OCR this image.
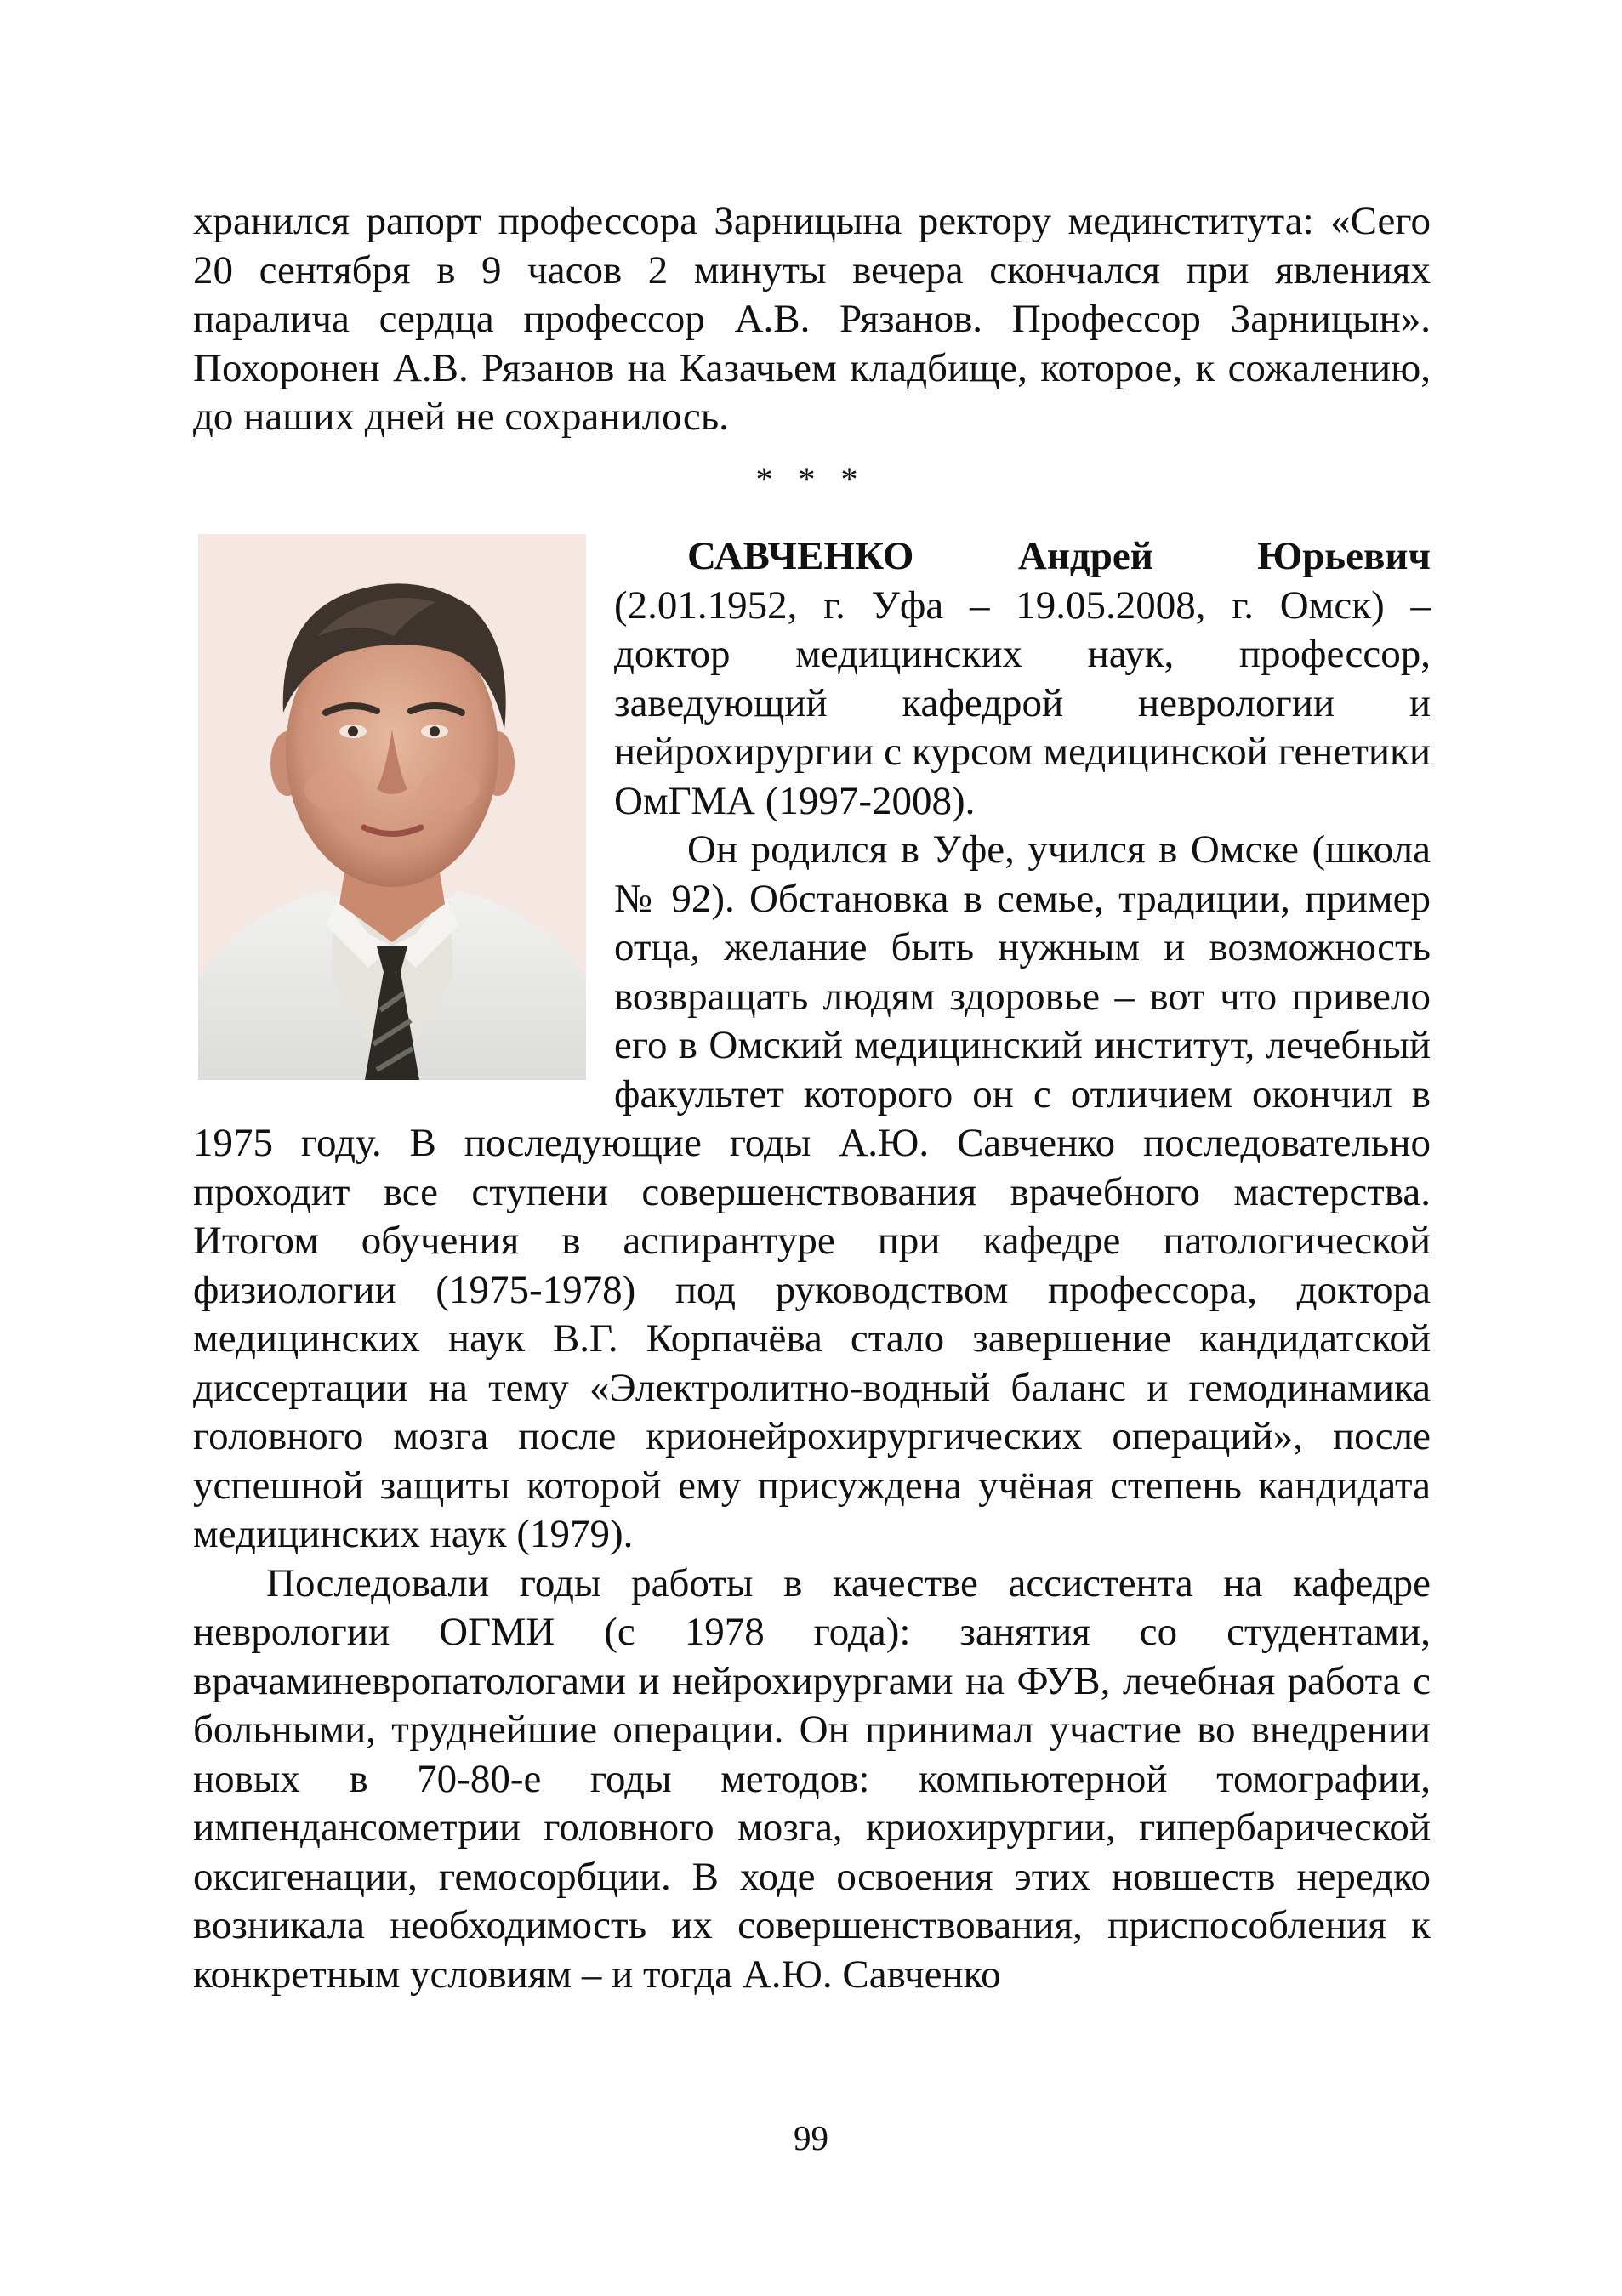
хранился рапорт профессора Зарницына ректору мединститута: «Сего 20 сентября в 9 часов 2 минуты вечера скончался при явлениях паралича сердца профессор А.В. Рязанов. Профессор Зарницын». Похоронен А.В. Рязанов на Казачьем кладбище, которое, к сожалению, до наших дней не сохранилось.

* * *

САВЧЕНКО	Андрей	Юрьевич

(2.01.1952, г. Уфа – 19.05.2008, г. Омск) – доктор медицинских наук, профессор, заведующий кафедрой неврологии и нейрохирургии с курсом медицинской генетики ОмГМА (1997-2008).

Он родился в Уфе, учился в Омске (школа № 92). Обстановка в семье, традиции, пример отца, желание быть нужным и возможность возвращать людям здоровье – вот что привело его в Омский медицинский институт, лечебный факультет которого он с отличием окончил в 1975 году. В последующие годы А.Ю. Савченко последовательно проходит все ступени совершенствования врачебного мастерства. Итогом обучения в аспирантуре при кафедре патологической физиологии (1975-1978) под руководством профессора, доктора медицинских наук В.Г. Корпачёва стало завершение кандидатской диссертации на тему «Электролитно-водный баланс и гемодинамика головного мозга после крионейрохирургических операций», после успешной защиты которой ему присуждена учёная степень кандидата медицинских наук (1979).

Последовали годы работы в качестве ассистента на кафедре неврологии ОГМИ (с 1978 года): занятия со студентами, врачаминевропатологами и нейрохирургами на ФУВ, лечебная работа с больными, труднейшие операции. Он принимал участие во внедрении новых в 70-80-е годы методов: компьютерной томографии, импендансометрии головного мозга, криохирургии, гипербарической оксигенации, гемосорбции. В ходе освоения этих новшеств нередко возникала необходимость их совершенствования, приспособления к конкретным условиям – и тогда А.Ю. Савченко

99
